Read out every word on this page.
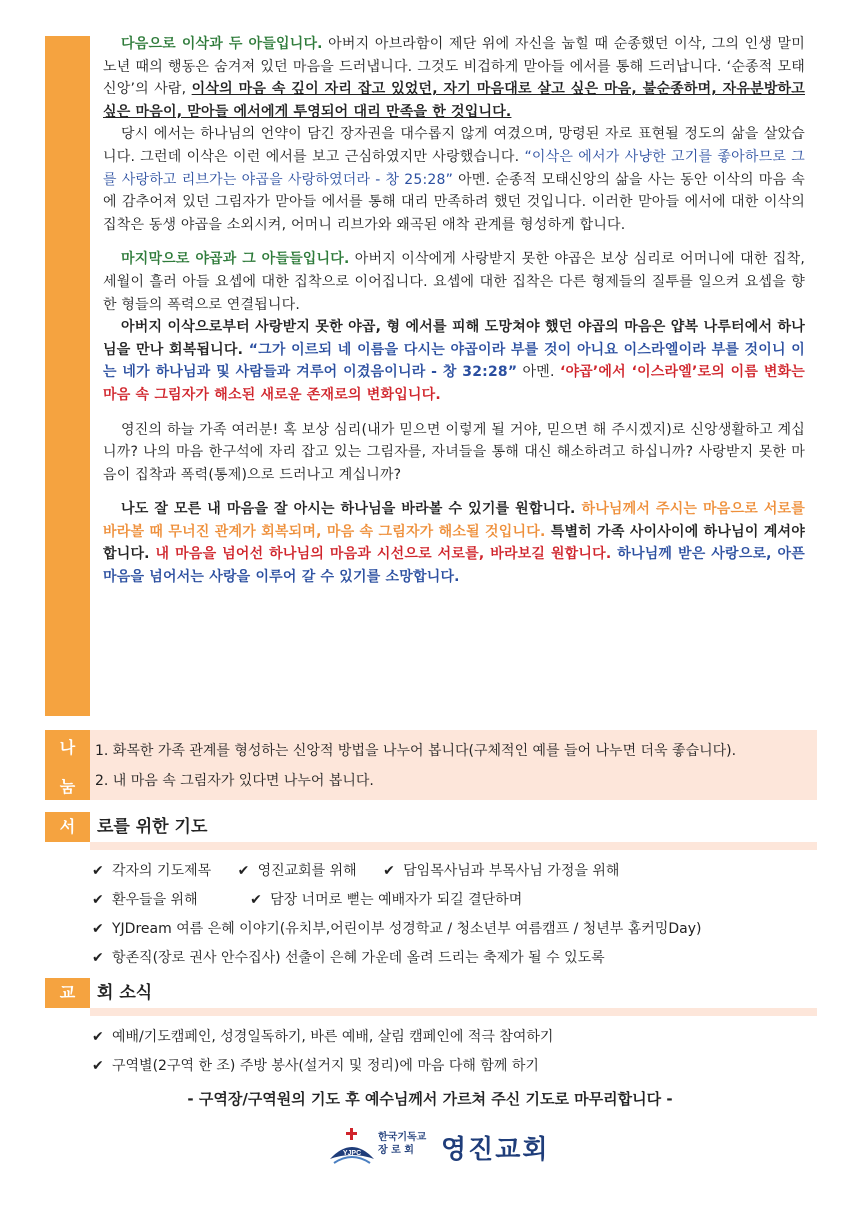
다음으로 이삭과 두 아들입니다. 아버지 아브라함이 제단 위에 자신을 눕힐 때 순종했던 이삭, 그의 인생 말미 노년 때의 행동은 숨겨져 있던 마음을 드러냅니다. 그것도 비겁하게 맏아들 에서를 통해 드러납니다. ‘순종적 모태 신앙’의 사람, 이삭의 마음 속 깊이 자리 잡고 있었던, 자기 마음대로 살고 싶은 마음, 불순종하며, 자유분방하고 싶은 마음이, 맏아들 에서에게 투영되어 대리 만족을 한 것입니다.

당시 에서는 하나님의 언약이 담긴 장자권을 대수롭지 않게 여겼으며, 망령된 자로 표현될 정도의 삶을 살았습니다. 그런데 이삭은 이런 에서를 보고 근심하였지만 사랑했습니다. “이삭은 에서가 사냥한 고기를 좋아하므로 그를 사랑하고 리브가는 야곱을 사랑하였더라 - 창 25:28” 아멘. 순종적 모태신앙의 삶을 사는 동안 이삭의 마음 속에 감추어져 있던 그림자가 맏아들 에서를 통해 대리 만족하려 했던 것입니다. 이러한 맏아들 에서에 대한 이삭의 집착은 동생 야곱을 소외시켜, 어머니 리브가와 왜곡된 애착 관계를 형성하게 합니다.

마지막으로 야곱과 그 아들들입니다. 아버지 이삭에게 사랑받지 못한 야곱은 보상 심리로 어머니에 대한 집착, 세월이 흘러 아들 요셉에 대한 집착으로 이어집니다. 요셉에 대한 집착은 다른 형제들의 질투를 일으켜 요셉을 향한 형들의 폭력으로 연결됩니다.

아버지 이삭으로부터 사랑받지 못한 야곱, 형 에서를 피해 도망쳐야 했던 야곱의 마음은 얍복 나루터에서 하나님을 만나 회복됩니다. “그가 이르되 네 이름을 다시는 야곱이라 부를 것이 아니요 이스라엘이라 부를 것이니 이는 네가 하나님과 및 사람들과 겨루어 이겼음이니라 - 창 32:28” 아멘. ‘야곱’에서 ‘이스라엘’로의 이름 변화는 마음 속 그림자가 해소된 새로운 존재로의 변화입니다.

영진의 하늘 가족 여러분! 혹 보상 심리(내가 믿으면 이렇게 될 거야, 믿으면 해 주시겠지)로 신앙생활하고 계십니까? 나의 마음 한구석에 자리 잡고 있는 그림자를, 자녀들을 통해 대신 해소하려고 하십니까? 사랑받지 못한 마음이 집착과 폭력(통제)으로 드러나고 계십니까?

나도 잘 모른 내 마음을 잘 아시는 하나님을 바라볼 수 있기를 원합니다. 하나님께서 주시는 마음으로 서로를 바라볼 때 무너진 관계가 회복되며, 마음 속 그림자가 해소될 것입니다. 특별히 가족 사이사이에 하나님이 계셔야 합니다. 내 마음을 넘어선 하나님의 마음과 시선으로 서로를, 바라보길 원합니다. 하나님께 받은 사랑으로, 아픈 마음을 넘어서는 사랑을 이루어 갈 수 있기를 소망합니다.

나
눔
1. 화목한 가족 관계를 형성하는 신앙적 방법을 나누어 봅니다(구체적인 예를 들어 나누면 더욱 좋습니다).
2. 내 마음 속 그림자가 있다면 나누어 봅니다.
서	로를 위한 기도
✔ 각자의 기도제목 ✔ 영진교회를 위해 ✔ 담임목사님과 부목사님 가정을 위해
✔ 환우들을 위해	✔ 담장 너머로 뻗는 예배자가 되길 결단하며
✔ YJDream 여름 은혜 이야기(유치부,어린이부 성경학교 / 청소년부 여름캠프 / 청년부 홈커밍Day)
✔ 항존직(장로 권사 안수집사) 선출이 은혜 가운데 올려 드리는 축제가 될 수 있도록
교	회 소식
✔ 예배/기도캠페인, 성경일독하기, 바른 예배, 살림 캠페인에 적극 참여하기
✔ 구역별(2구역 한 조) 주방 봉사(설거지 및 정리)에 마음 다해 함께 하기
- 구역장/구역원의 기도 후 예수님께서 가르쳐 주신 기도로 마무리합니다 -
YJPC
한국기독교
장 로 회	영진교회
